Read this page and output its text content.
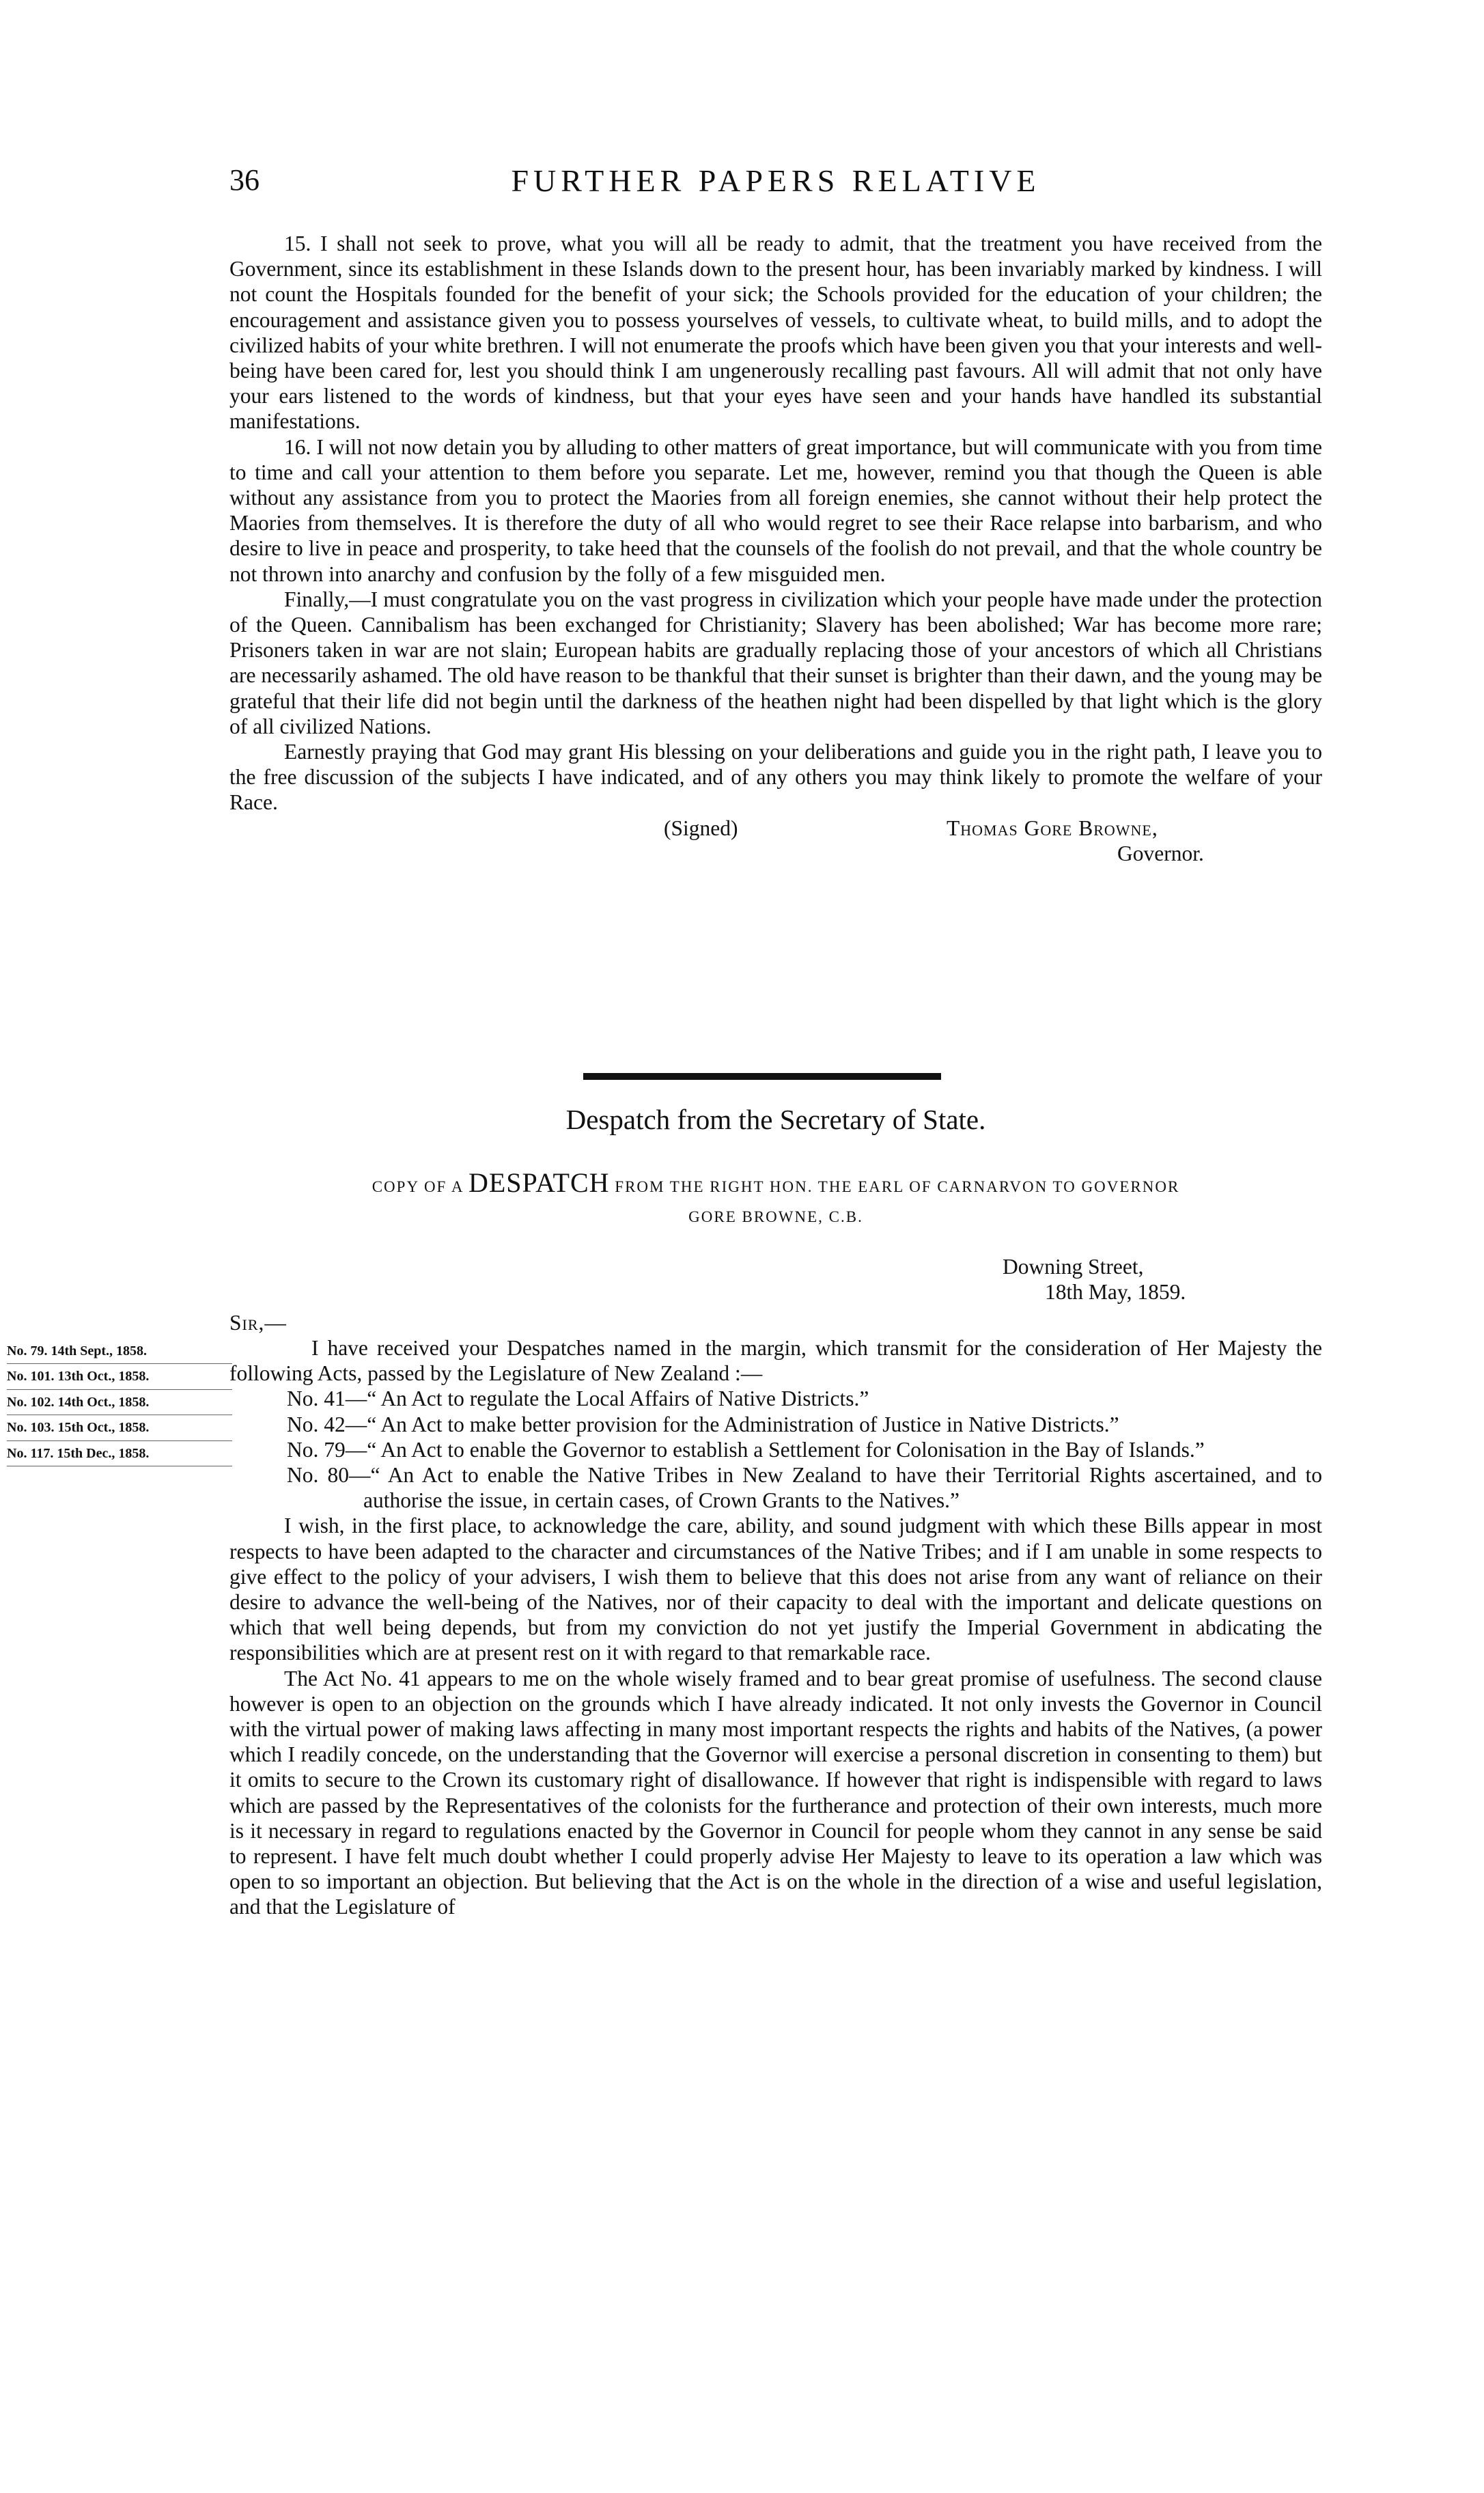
36	FURTHER PAPERS RELATIVE

15. I shall not seek to prove, what you will all be ready to admit, that the treatment you have received from the Government, since its establishment in these Islands down to the present hour, has been invariably marked by kindness. I will not count the Hospitals founded for the benefit of your sick; the Schools provided for the education of your children; the encouragement and assistance given you to possess yourselves of vessels, to cultivate wheat, to build mills, and to adopt the civilized habits of your white brethren. I will not enumerate the proofs which have been given you that your interests and well-being have been cared for, lest you should think I am ungenerously recalling past favours. All will admit that not only have your ears listened to the words of kindness, but that your eyes have seen and your hands have handled its substantial manifestations.

16. I will not now detain you by alluding to other matters of great importance, but will communicate with you from time to time and call your attention to them before you separate. Let me, however, remind you that though the Queen is able without any assistance from you to protect the Maories from all foreign enemies, she cannot without their help protect the Maories from themselves. It is therefore the duty of all who would regret to see their Race relapse into barbarism, and who desire to live in peace and prosperity, to take heed that the counsels of the foolish do not prevail, and that the whole country be not thrown into anarchy and confusion by the folly of a few misguided men.

Finally,—I must congratulate you on the vast progress in civilization which your people have made under the protection of the Queen. Cannibalism has been exchanged for Christianity; Slavery has been abolished; War has become more rare; Prisoners taken in war are not slain; European habits are gradually replacing those of your ancestors of which all Christians are necessarily ashamed. The old have reason to be thankful that their sunset is brighter than their dawn, and the young may be grateful that their life did not begin until the darkness of the heathen night had been dispelled by that light which is the glory of all civilized Nations.

Earnestly praying that God may grant His blessing on your deliberations and guide you in the right path, I leave you to the free discussion of the subjects I have indicated, and of any others you may think likely to promote the welfare of your Race.

(Signed)	Thomas Gore Browne,
Governor.
Despatch from the Secretary of State.
COPY OF A DESPATCH FROM THE RIGHT HON. THE EARL OF CARNARVON TO GOVERNOR
GORE BROWNE, C.B.
Downing Street,
18th May, 1859.
Sir,—
No. 79. 14th Sept., 1858.
No. 101. 13th Oct., 1858.
No. 102. 14th Oct., 1858.
No. 103. 15th Oct., 1858.
No. 117. 15th Dec., 1858.

I have received your Despatches named in the margin, which transmit for the consideration of Her Majesty the following Acts, passed by the Legislature of New Zealand :—

No. 41—“ An Act to regulate the Local Affairs of Native Districts.”

No. 42—“ An Act to make better provision for the Administration of Justice in Native Districts.”

No. 79—“ An Act to enable the Governor to establish a Settlement for Colonisation in the Bay of Islands.”

No. 80—“ An Act to enable the Native Tribes in New Zealand to have their Territorial Rights ascertained, and to authorise the issue, in certain cases, of Crown Grants to the Natives.”

I wish, in the first place, to acknowledge the care, ability, and sound judgment with which these Bills appear in most respects to have been adapted to the character and circumstances of the Native Tribes; and if I am unable in some respects to give effect to the policy of your advisers, I wish them to believe that this does not arise from any want of reliance on their desire to advance the well-being of the Natives, nor of their capacity to deal with the important and delicate questions on which that well being depends, but from my conviction do not yet justify the Imperial Government in abdicating the responsibilities which are at present rest on it with regard to that remarkable race.

The Act No. 41 appears to me on the whole wisely framed and to bear great promise of usefulness. The second clause however is open to an objection on the grounds which I have already indicated. It not only invests the Governor in Council with the virtual power of making laws affecting in many most important respects the rights and habits of the Natives, (a power which I readily concede, on the understanding that the Governor will exercise a personal discretion in consenting to them) but it omits to secure to the Crown its customary right of disallowance. If however that right is indispensible with regard to laws which are passed by the Representatives of the colonists for the furtherance and protection of their own interests, much more is it necessary in regard to regulations enacted by the Governor in Council for people whom they cannot in any sense be said to represent. I have felt much doubt whether I could properly advise Her Majesty to leave to its operation a law which was open to so important an objection. But believing that the Act is on the whole in the direction of a wise and useful legislation, and that the Legislature of
